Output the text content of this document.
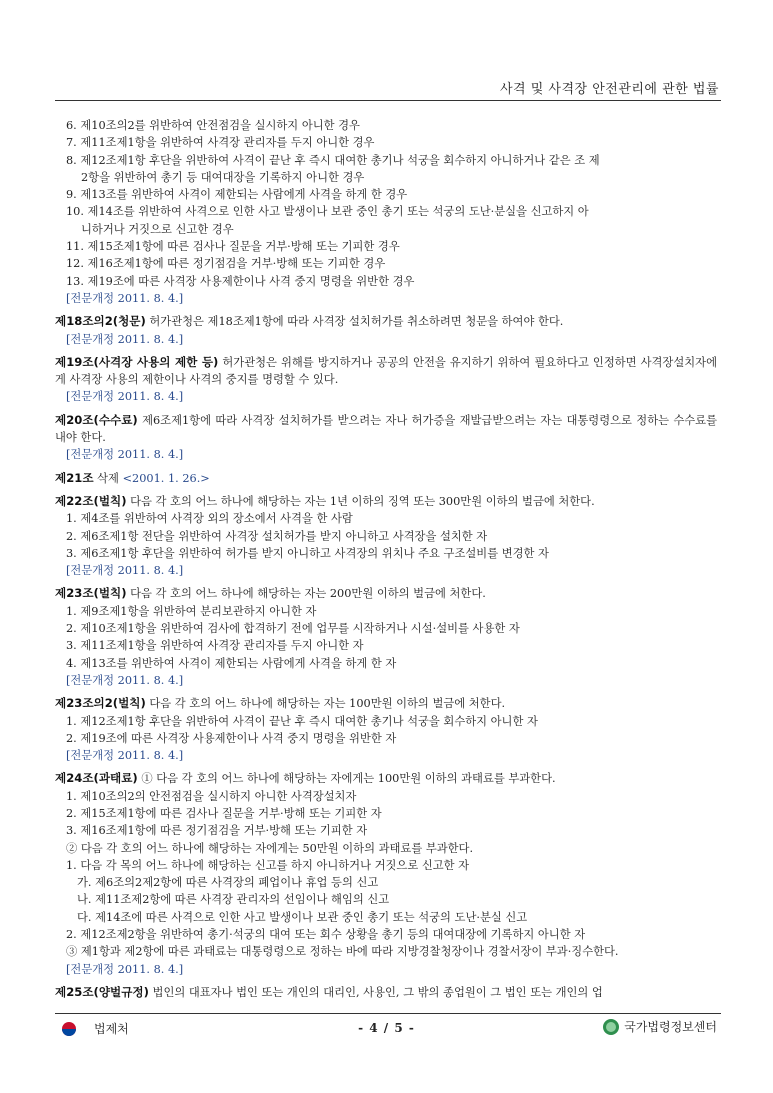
사격 및 사격장 안전관리에 관한 법률
6. 제10조의2를 위반하여 안전점검을 실시하지 아니한 경우
7. 제11조제1항을 위반하여 사격장 관리자를 두지 아니한 경우
8. 제12조제1항 후단을 위반하여 사격이 끝난 후 즉시 대여한 총기나 석궁을 회수하지 아니하거나 같은 조 제
2항을 위반하여 총기 등 대여대장을 기록하지 아니한 경우
9. 제13조를 위반하여 사격이 제한되는 사람에게 사격을 하게 한 경우
10. 제14조를 위반하여 사격으로 인한 사고 발생이나 보관 중인 총기 또는 석궁의 도난·분실을 신고하지 아
니하거나 거짓으로 신고한 경우
11. 제15조제1항에 따른 검사나 질문을 거부·방해 또는 기피한 경우
12. 제16조제1항에 따른 정기점검을 거부·방해 또는 기피한 경우
13. 제19조에 따른 사격장 사용제한이나 사격 중지 명령을 위반한 경우
[전문개정 2011. 8. 4.]
제18조의2(청문) 허가관청은 제18조제1항에 따라 사격장 설치허가를 취소하려면 청문을 하여야 한다.
[전문개정 2011. 8. 4.]
제19조(사격장 사용의 제한 등) 허가관청은 위해를 방지하거나 공공의 안전을 유지하기 위하여 필요하다고 인정하면 사격장설치자에게 사격장 사용의 제한이나 사격의 중지를 명령할 수 있다.
[전문개정 2011. 8. 4.]
제20조(수수료) 제6조제1항에 따라 사격장 설치허가를 받으려는 자나 허가증을 재발급받으려는 자는 대통령령으로 정하는 수수료를 내야 한다.
[전문개정 2011. 8. 4.]
제21조 삭제 <2001. 1. 26.>
제22조(벌칙) 다음 각 호의 어느 하나에 해당하는 자는 1년 이하의 징역 또는 300만원 이하의 벌금에 처한다.
1. 제4조를 위반하여 사격장 외의 장소에서 사격을 한 사람
2. 제6조제1항 전단을 위반하여 사격장 설치허가를 받지 아니하고 사격장을 설치한 자
3. 제6조제1항 후단을 위반하여 허가를 받지 아니하고 사격장의 위치나 주요 구조설비를 변경한 자
[전문개정 2011. 8. 4.]
제23조(벌칙) 다음 각 호의 어느 하나에 해당하는 자는 200만원 이하의 벌금에 처한다.
1. 제9조제1항을 위반하여 분리보관하지 아니한 자
2. 제10조제1항을 위반하여 검사에 합격하기 전에 업무를 시작하거나 시설·설비를 사용한 자
3. 제11조제1항을 위반하여 사격장 관리자를 두지 아니한 자
4. 제13조를 위반하여 사격이 제한되는 사람에게 사격을 하게 한 자
[전문개정 2011. 8. 4.]
제23조의2(벌칙) 다음 각 호의 어느 하나에 해당하는 자는 100만원 이하의 벌금에 처한다.
1. 제12조제1항 후단을 위반하여 사격이 끝난 후 즉시 대여한 총기나 석궁을 회수하지 아니한 자
2. 제19조에 따른 사격장 사용제한이나 사격 중지 명령을 위반한 자
[전문개정 2011. 8. 4.]
제24조(과태료) ① 다음 각 호의 어느 하나에 해당하는 자에게는 100만원 이하의 과태료를 부과한다.
1. 제10조의2의 안전점검을 실시하지 아니한 사격장설치자
2. 제15조제1항에 따른 검사나 질문을 거부·방해 또는 기피한 자
3. 제16조제1항에 따른 정기점검을 거부·방해 또는 기피한 자
② 다음 각 호의 어느 하나에 해당하는 자에게는 50만원 이하의 과태료를 부과한다.
1. 다음 각 목의 어느 하나에 해당하는 신고를 하지 아니하거나 거짓으로 신고한 자
가. 제6조의2제2항에 따른 사격장의 폐업이나 휴업 등의 신고
나. 제11조제2항에 따른 사격장 관리자의 선임이나 해임의 신고
다. 제14조에 따른 사격으로 인한 사고 발생이나 보관 중인 총기 또는 석궁의 도난·분실 신고
2. 제12조제2항을 위반하여 총기·석궁의 대여 또는 회수 상황을 총기 등의 대여대장에 기록하지 아니한 자
③ 제1항과 제2항에 따른 과태료는 대통령령으로 정하는 바에 따라 지방경찰청장이나 경찰서장이 부과·징수한다.
[전문개정 2011. 8. 4.]
제25조(양벌규정) 법인의 대표자나 법인 또는 개인의 대리인, 사용인, 그 밖의 종업원이 그 법인 또는 개인의 업
법제처	- 4 / 5 -	국가법령정보센터
